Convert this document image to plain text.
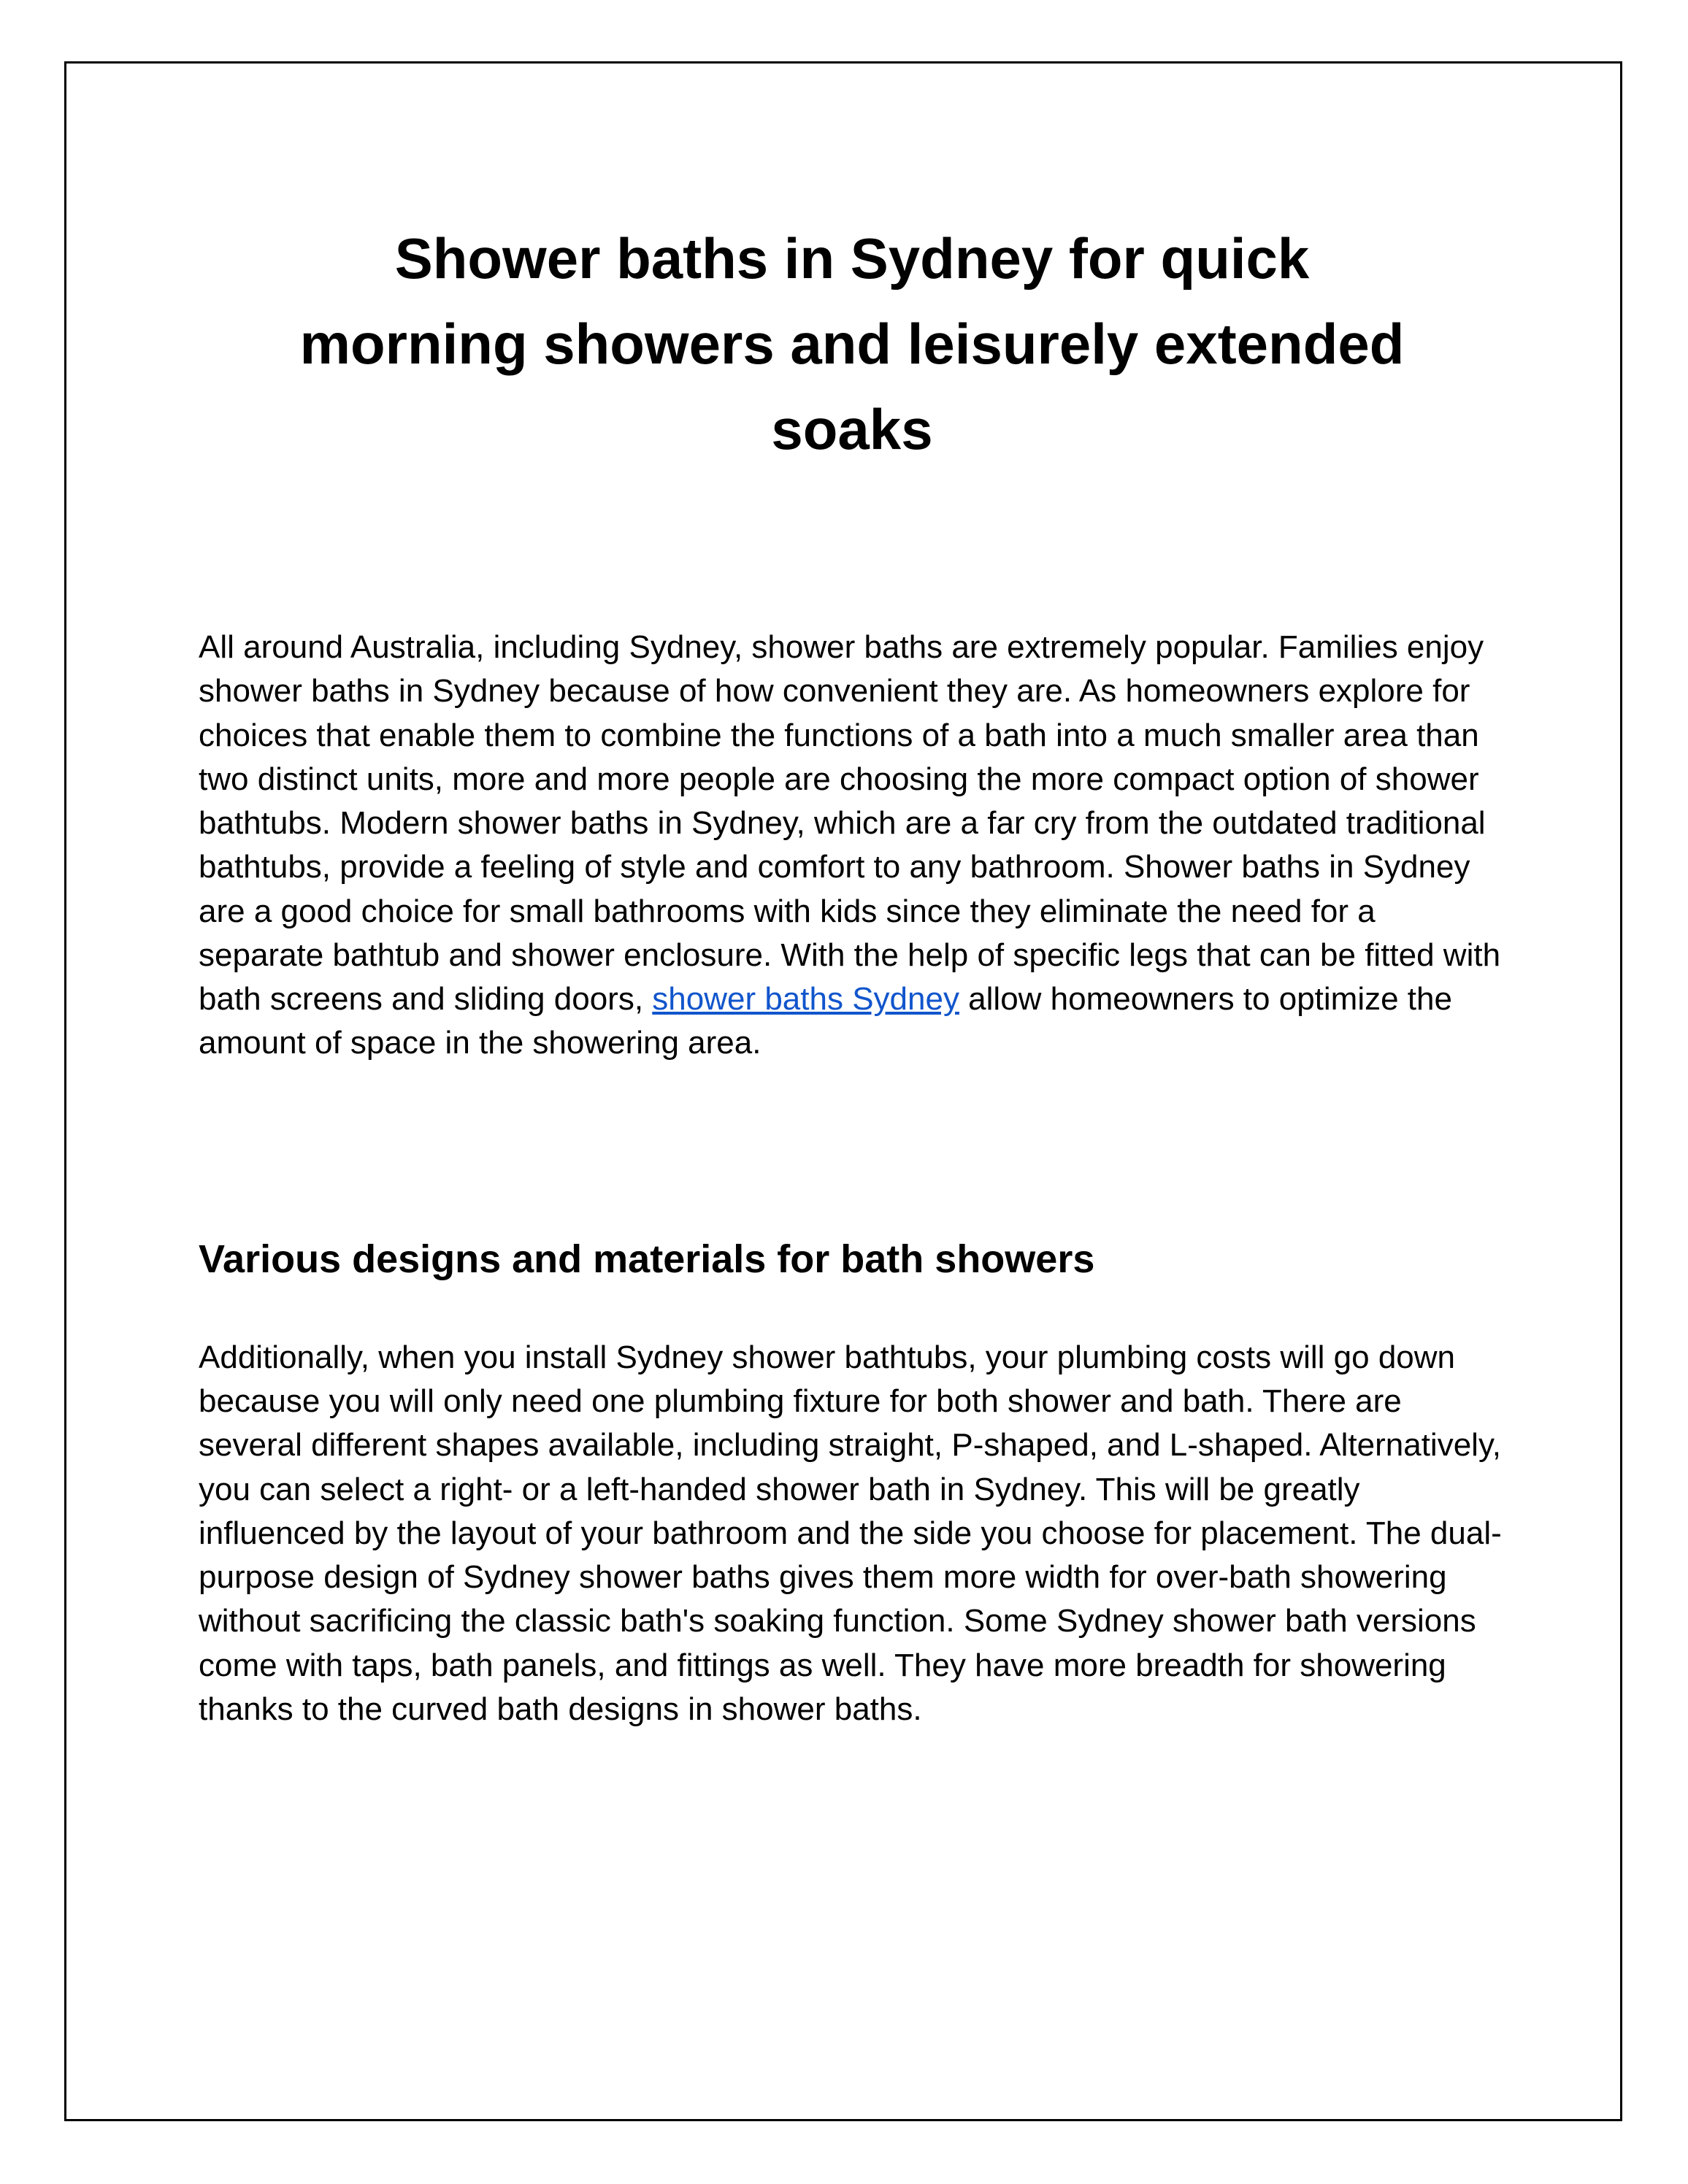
Shower baths in Sydney for quick morning showers and leisurely extended soaks

All around Australia, including Sydney, shower baths are extremely popular. Families enjoy shower baths in Sydney because of how convenient they are. As homeowners explore for choices that enable them to combine the functions of a bath into a much smaller area than two distinct units, more and more people are choosing the more compact option of shower bathtubs. Modern shower baths in Sydney, which are a far cry from the outdated traditional bathtubs, provide a feeling of style and comfort to any bathroom. Shower baths in Sydney are a good choice for small bathrooms with kids since they eliminate the need for a separate bathtub and shower enclosure. With the help of specific legs that can be fitted with bath screens and sliding doors, shower baths Sydney allow homeowners to optimize the amount of space in the showering area.

Various designs and materials for bath showers

Additionally, when you install Sydney shower bathtubs, your plumbing costs will go down because you will only need one plumbing fixture for both shower and bath. There are several different shapes available, including straight, P-shaped, and L-shaped. Alternatively, you can select a right- or a left-handed shower bath in Sydney. This will be greatly influenced by the layout of your bathroom and the side you choose for placement. The dual-purpose design of Sydney shower baths gives them more width for over-bath showering without sacrificing the classic bath's soaking function. Some Sydney shower bath versions come with taps, bath panels, and fittings as well. They have more breadth for showering thanks to the curved bath designs in shower baths.
